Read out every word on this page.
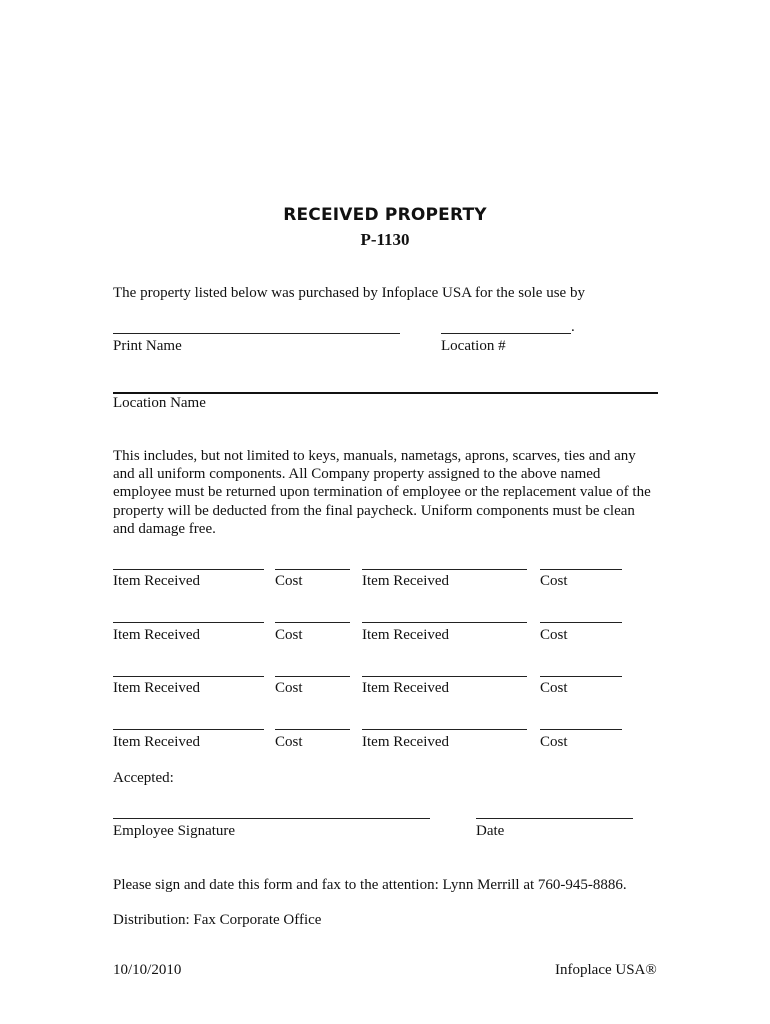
RECEIVED PROPERTY
P-1130
The property listed below was purchased by Infoplace USA for the sole use by
.
Print Name	Location #
Location Name
This includes, but not limited to keys, manuals, nametags, aprons, scarves, ties and any
and all uniform components. All Company property assigned to the above named
employee must be returned upon termination of employee or the replacement value of the
property will be deducted from the final paycheck. Uniform components must be clean
and damage free.
Item Received	Cost	Item Received	Cost
Item Received	Cost	Item Received	Cost
Item Received	Cost	Item Received	Cost
Item Received	Cost	Item Received	Cost
Accepted:
Employee Signature	Date
Please sign and date this form and fax to the attention: Lynn Merrill at 760-945-8886.
Distribution: Fax Corporate Office
10/10/2010	Infoplace USA®
